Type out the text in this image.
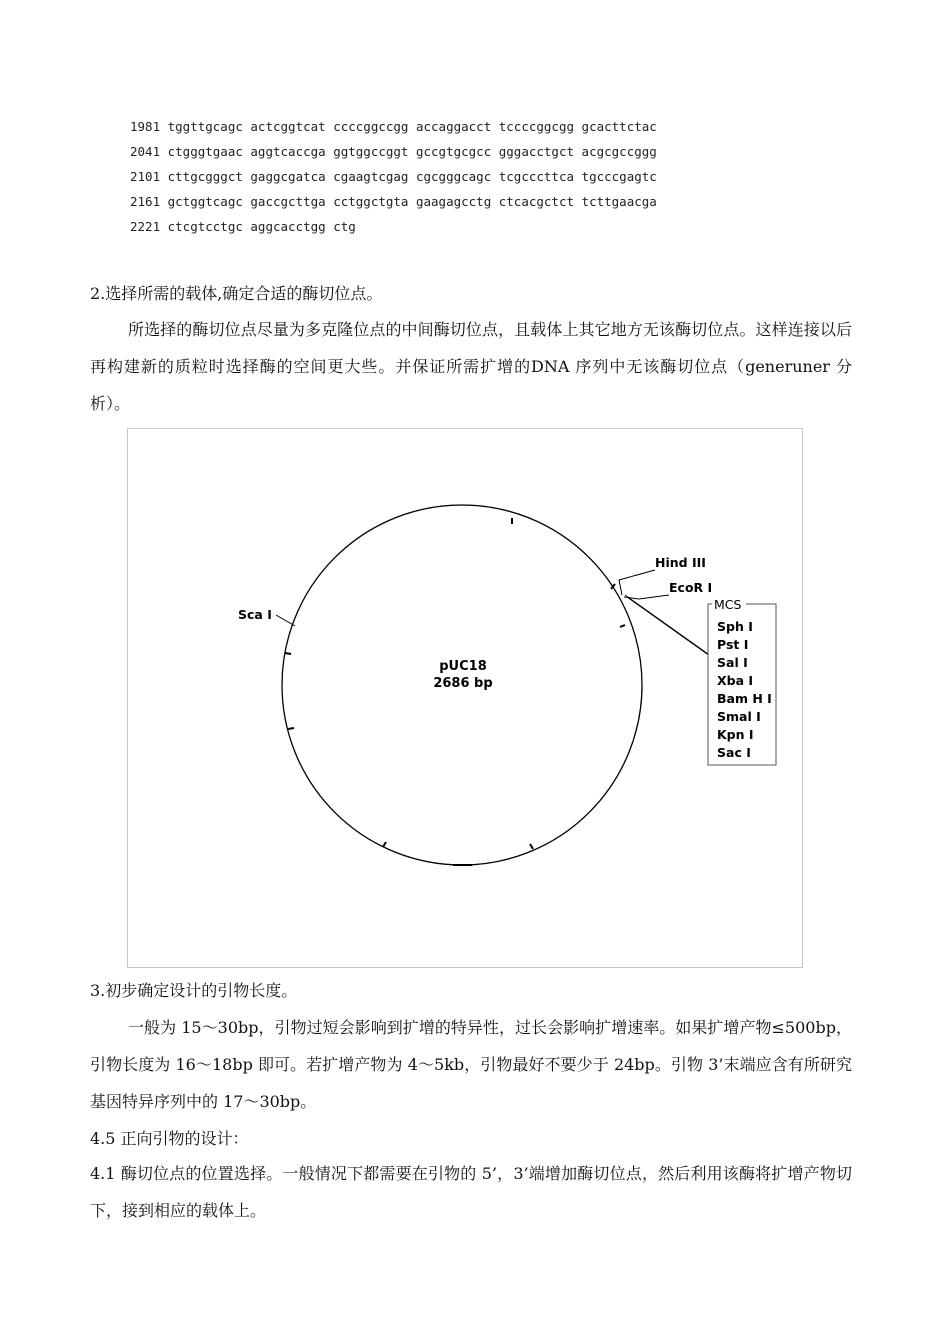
1981 tggttgcagc actcggtcat ccccggccgg accaggacct tccccggcgg gcacttctac
2041 ctgggtgaac aggtcaccga ggtggccggt gccgtgcgcc gggacctgct acgcgccggg
2101 cttgcgggct gaggcgatca cgaagtcgag cgcgggcagc tcgcccttca tgcccgagtc
2161 gctggtcagc gaccgcttga cctggctgta gaagagcctg ctcacgctct tcttgaacga
2221 ctcgtcctgc aggcacctgg ctg
2.选择所需的载体,确定合适的酶切位点。
所选择的酶切位点尽量为多克隆位点的中间酶切位点，且载体上其它地方无该酶切位点。这样连接以后再构建新的质粒时选择酶的空间更大些。并保证所需扩增的DNA 序列中无该酶切位点（generuner 分析）。
pUC18
2686 bp
Sca I
Hind III
EcoR I
MCS
Sph I
Pst I
Sal I
Xba I
Bam H I
Smal I
Kpn I
Sac I
3.初步确定设计的引物长度。
一般为 15～30bp，引物过短会影响到扩增的特异性，过长会影响扩增速率。如果扩增产物≤500bp，引物长度为 16～18bp 即可。若扩增产物为 4～5kb，引物最好不要少于 24bp。引物 3’末端应含有所研究基因特异序列中的 17～30bp。
4.5 正向引物的设计：
4.1 酶切位点的位置选择。一般情况下都需要在引物的 5’，3’端增加酶切位点，然后利用该酶将扩增产物切下，接到相应的载体上。
